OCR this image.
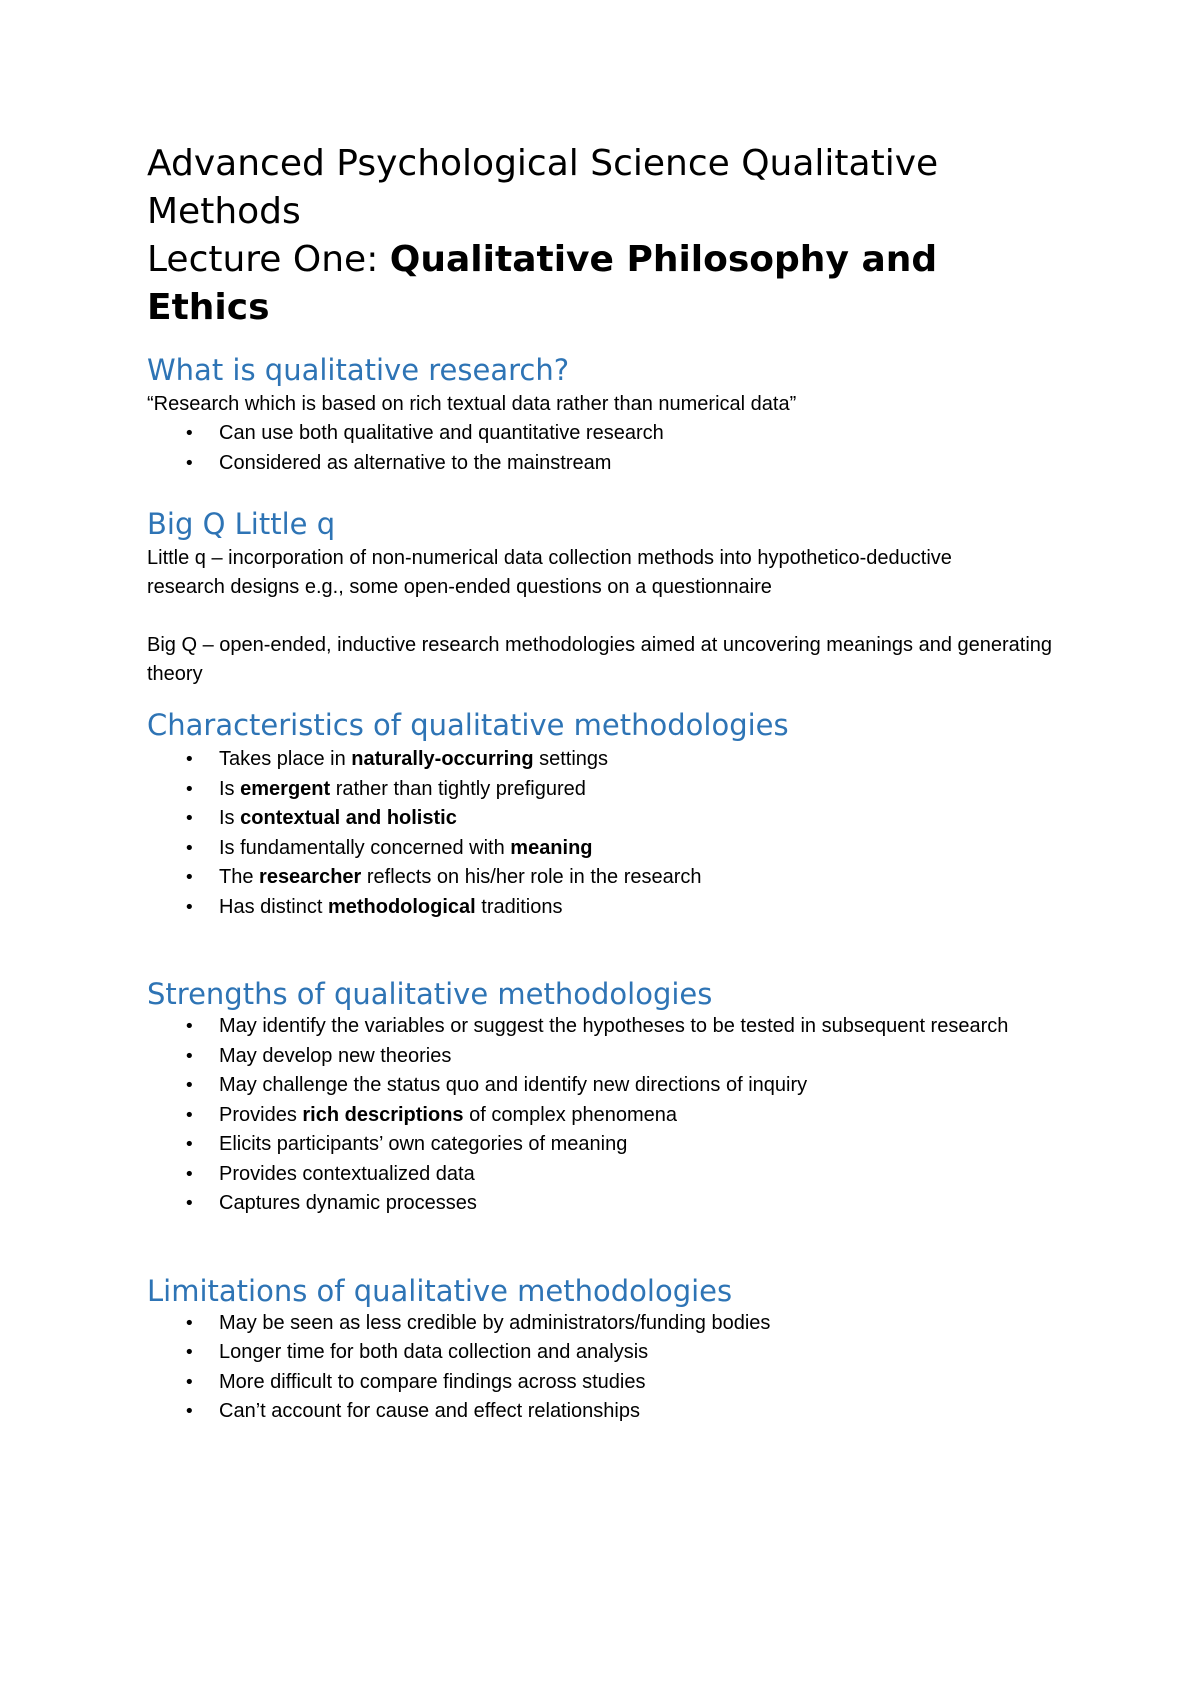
Advanced Psychological Science Qualitative Methods
Lecture One: Qualitative Philosophy and Ethics
What is qualitative research?

“Research which is based on rich textual data rather than numerical data”

• Can use both qualitative and quantitative research
• Considered as alternative to the mainstream
Big Q Little q

Little q – incorporation of non-numerical data collection methods into hypothetico-deductive research designs e.g., some open-ended questions on a questionnaire

Big Q – open-ended, inductive research methodologies aimed at uncovering meanings and generating theory

Characteristics of qualitative methodologies
• Takes place in naturally-occurring settings
• Is emergent rather than tightly prefigured
• Is contextual and holistic
• Is fundamentally concerned with meaning
• The researcher reflects on his/her role in the research
• Has distinct methodological traditions
Strengths of qualitative methodologies
• May identify the variables or suggest the hypotheses to be tested in subsequent research
• May develop new theories
• May challenge the status quo and identify new directions of inquiry
• Provides rich descriptions of complex phenomena
• Elicits participants’ own categories of meaning
• Provides contextualized data
• Captures dynamic processes
Limitations of qualitative methodologies
• May be seen as less credible by administrators/funding bodies
• Longer time for both data collection and analysis
• More difficult to compare findings across studies
• Can’t account for cause and effect relationships
